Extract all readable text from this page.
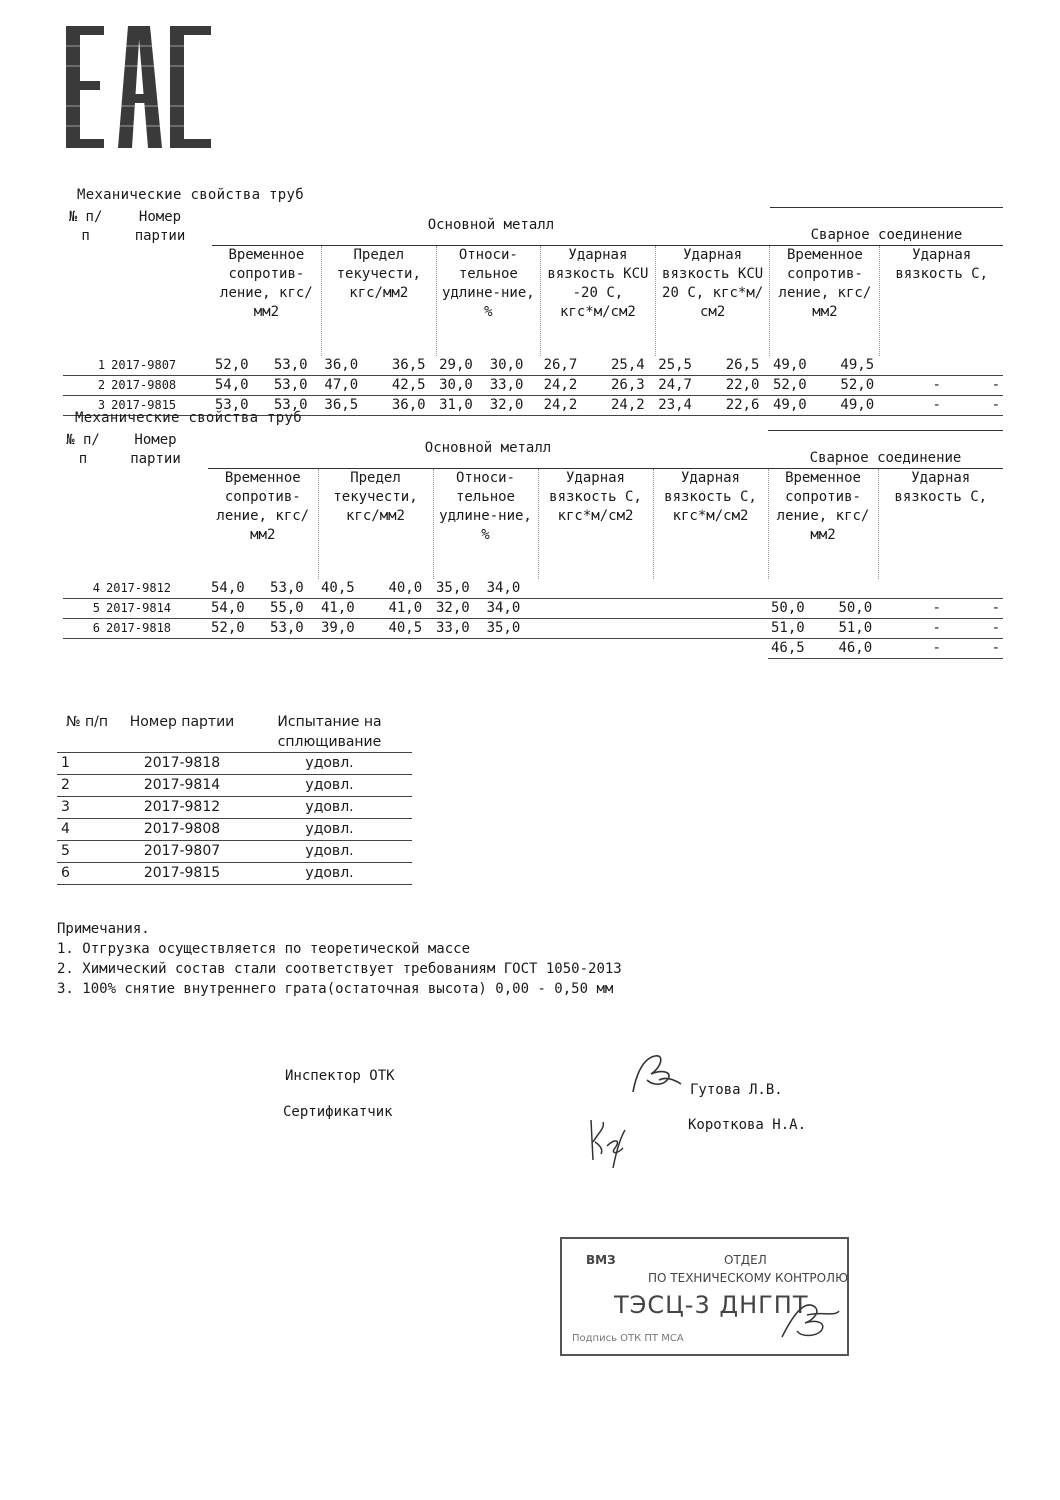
Механические свойства труб
№ п/п	Номер партии	Основной металл					Сварное соединение	
		Временное сопротив-ление, кгс/мм2	Предел текучести, кгс/мм2	Относи-тельное удлине-ние, %	Ударная вязкость KCU -20 С, кгс*м/см2	Ударная вязкость KCU 20 С, кгс*м/см2	Временное сопротив-ление, кгс/мм2	Ударная вязкость С,
1	2017-9807	52,0 53,0	36,0 36,5	29,0 30,0	26,7 25,4	25,5 26,5	49,0 49,5	
2	2017-9808	54,0 53,0	47,0 42,5	30,0 33,0	24,2 26,3	24,7 22,0	52,0 52,0	- -
3	2017-9815	53,0 53,0	36,5 36,0	31,0 32,0	24,2 24,2	23,4 22,6	49,0 49,0	- -
Механические свойства труб
№ п/п	Номер партии	Основной металл					Сварное соединение	
		Временное сопротив-ление, кгс/мм2	Предел текучести, кгс/мм2	Относи-тельное удлине-ние, %	Ударная вязкость С, кгс*м/см2	Ударная вязкость С, кгс*м/см2	Временное сопротив-ление, кгс/мм2	Ударная вязкость С,
4	2017-9812	54,0 53,0	40,5 40,0	35,0 34,0				
5	2017-9814	54,0 55,0	41,0 41,0	32,0 34,0			50,0 50,0	- -
6	2017-9818	52,0 53,0	39,0 40,5	33,0 35,0			51,0 51,0	- -
							46,5 46,0	- -
№ п/п	Номер партии	Испытание на сплющивание
1	2017-9818	удовл.
2	2017-9814	удовл.
3	2017-9812	удовл.
4	2017-9808	удовл.
5	2017-9807	удовл.
6	2017-9815	удовл.
Примечания.
1. Отгрузка осуществляется по теоретической массе
2. Химический состав стали соответствует требованиям ГОСТ 1050-2013
3. 100% снятие внутреннего грата(остаточная высота) 0,00 - 0,50 мм
Инспектор ОТК
Гутова Л.В.
Сертификатчик
Короткова Н.А.
ВМЗ	ОТДЕЛ
ПО ТЕХНИЧЕСКОМУ КОНТРОЛЮ
ТЭСЦ-3 ДНГПТ
Подпись ОТК ПТ МСА
